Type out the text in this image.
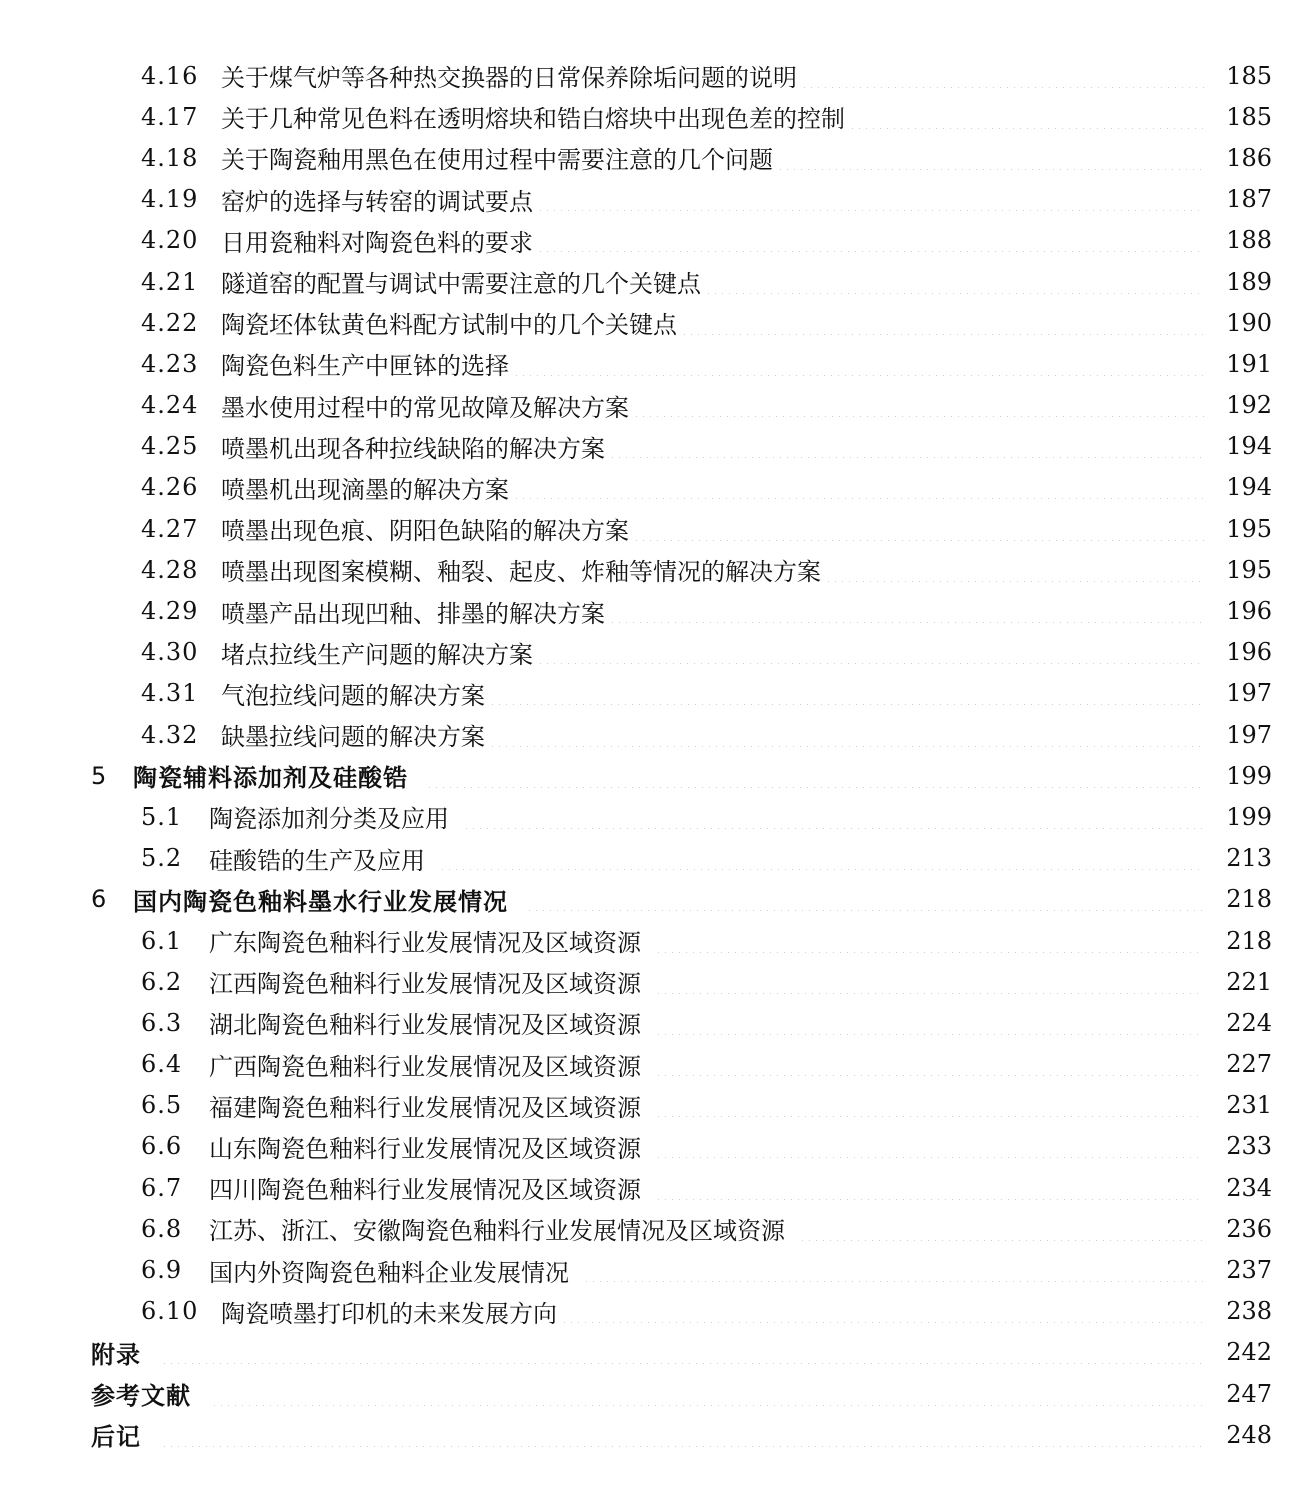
4.16 关于煤气炉等各种热交换器的日常保养除垢问题的说明	185
4.17 关于几种常见色料在透明熔块和锆白熔块中出现色差的控制	185
4.18 关于陶瓷釉用黑色在使用过程中需要注意的几个问题	186
4.19 窑炉的选择与转窑的调试要点	187
4.20 日用瓷釉料对陶瓷色料的要求	188
4.21 隧道窑的配置与调试中需要注意的几个关键点	189
4.22 陶瓷坯体钛黄色料配方试制中的几个关键点	190
4.23 陶瓷色料生产中匣钵的选择	191
4.24 墨水使用过程中的常见故障及解决方案	192
4.25 喷墨机出现各种拉线缺陷的解决方案	194
4.26 喷墨机出现滴墨的解决方案	194
4.27 喷墨出现色痕、阴阳色缺陷的解决方案	195
4.28 喷墨出现图案模糊、釉裂、起皮、炸釉等情况的解决方案	195
4.29 喷墨产品出现凹釉、排墨的解决方案	196
4.30 堵点拉线生产问题的解决方案	196
4.31 气泡拉线问题的解决方案	197
4.32 缺墨拉线问题的解决方案	197
5	陶瓷辅料添加剂及硅酸锆	199
5.1	陶瓷添加剂分类及应用	199
5.2	硅酸锆的生产及应用	213
6	国内陶瓷色釉料墨水行业发展情况	218
6.1	广东陶瓷色釉料行业发展情况及区域资源	218
6.2	江西陶瓷色釉料行业发展情况及区域资源	221
6.3	湖北陶瓷色釉料行业发展情况及区域资源	224
6.4	广西陶瓷色釉料行业发展情况及区域资源	227
6.5	福建陶瓷色釉料行业发展情况及区域资源	231
6.6	山东陶瓷色釉料行业发展情况及区域资源	233
6.7	四川陶瓷色釉料行业发展情况及区域资源	234
6.8	江苏、浙江、安徽陶瓷色釉料行业发展情况及区域资源	236
6.9	国内外资陶瓷色釉料企业发展情况	237
6.10 陶瓷喷墨打印机的未来发展方向	238
附录	242
参考文献	247
后记	248
